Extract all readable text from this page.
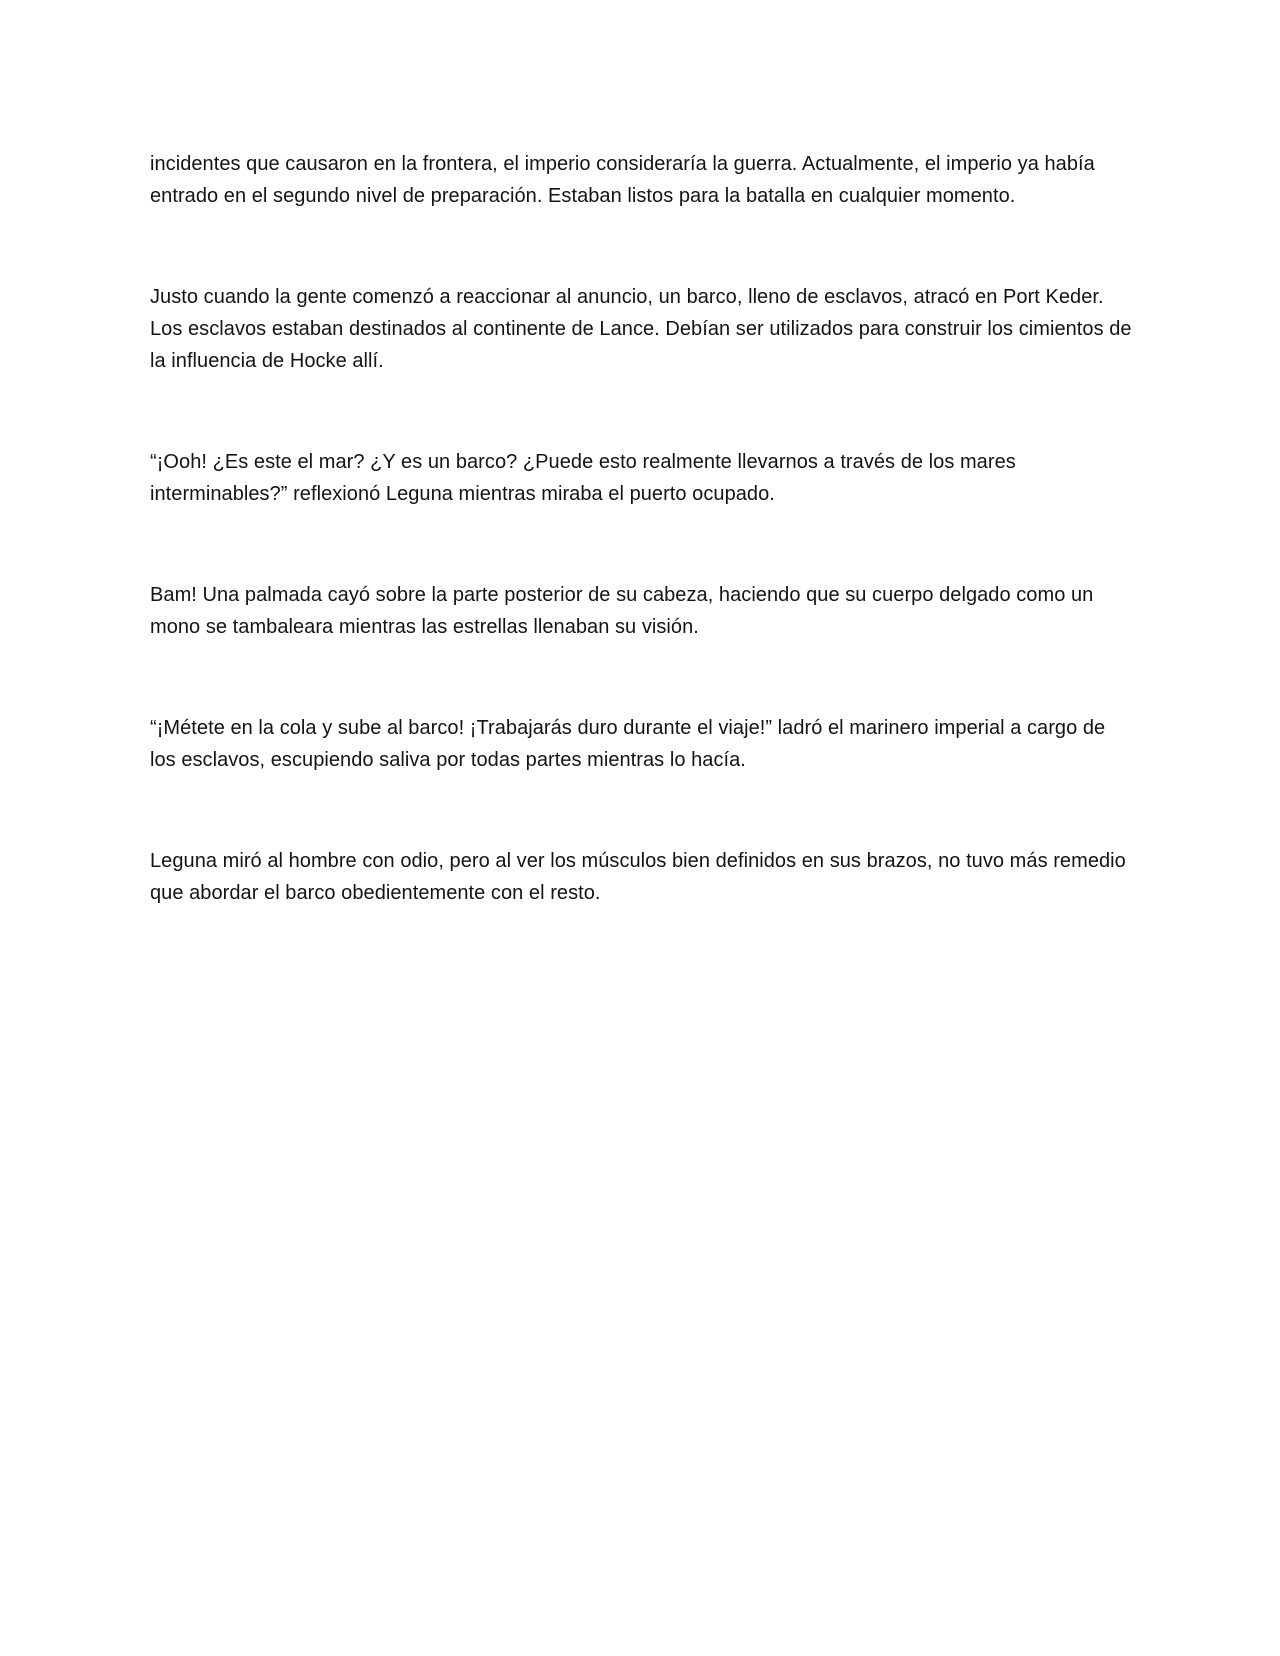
incidentes que causaron en la frontera, el imperio consideraría la guerra. Actualmente, el imperio ya había entrado en el segundo nivel de preparación. Estaban listos para la batalla en cualquier momento.

Justo cuando la gente comenzó a reaccionar al anuncio, un barco, lleno de esclavos, atracó en Port Keder. Los esclavos estaban destinados al continente de Lance. Debían ser utilizados para construir los cimientos de la influencia de Hocke allí.

“¡Ooh! ¿Es este el mar? ¿Y es un barco? ¿Puede esto realmente llevarnos a través de los mares interminables?” reflexionó Leguna mientras miraba el puerto ocupado.

Bam! Una palmada cayó sobre la parte posterior de su cabeza, haciendo que su cuerpo delgado como un mono se tambaleara mientras las estrellas llenaban su visión.

“¡Métete en la cola y sube al barco! ¡Trabajarás duro durante el viaje!” ladró el marinero imperial a cargo de los esclavos, escupiendo saliva por todas partes mientras lo hacía.

Leguna miró al hombre con odio, pero al ver los músculos bien definidos en sus brazos, no tuvo más remedio que abordar el barco obedientemente con el resto.
